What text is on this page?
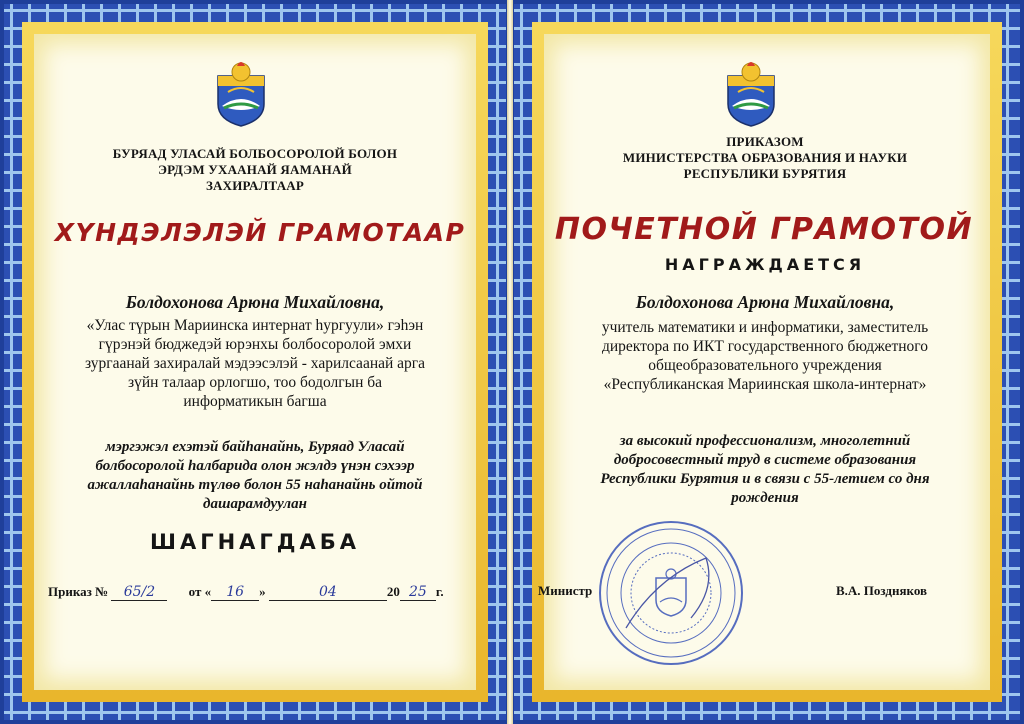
БУРЯАД УЛАСАЙ БОЛБОСОРОЛОЙ БОЛОН
ЭРДЭМ УХААНАЙ ЯАМАНАЙ
ЗАХИРАЛТААР
ХҮНДЭЛЭЛЭЙ ГРАМОТААР
Болдохонова Арюна Михайловна,
«Улас түрын Мариинска интернат һургуули» гэһэн
гүрэнэй бюджедэй юрэнхы болбосоролой эмхи
зургаанай захиралай мэдээсэлэй - харилсаанай арга
зүйн талаар орлогшо, тоо бодолгын ба
информатикын багша
мэргэжэл ехэтэй байһанайнь, Буряад Уласай
болбосоролой һалбарида олон жэлдэ үнэн сэхээр
ажаллаһанайнь түлөө болон 55 наһанайнь ойтой
дашарамдуулан
ШАГНАГДАБА
Приказ № 65/2	от « 16 »	04	20 25 г.
ПРИКАЗОМ
МИНИСТЕРСТВА ОБРАЗОВАНИЯ И НАУКИ
РЕСПУБЛИКИ БУРЯТИЯ
ПОЧЕТНОЙ ГРАМОТОЙ
НАГРАЖДАЕТСЯ
Болдохонова Арюна Михайловна,
учитель математики и информатики, заместитель
директора по ИКТ государственного бюджетного
общеобразовательного учреждения
«Республиканская Мариинская школа-интернат»
за высокий профессионализм, многолетний
добросовестный труд в системе образования
Республики Бурятия и в связи с 55-летием со дня
рождения
Министр	В.А. Поздняков
